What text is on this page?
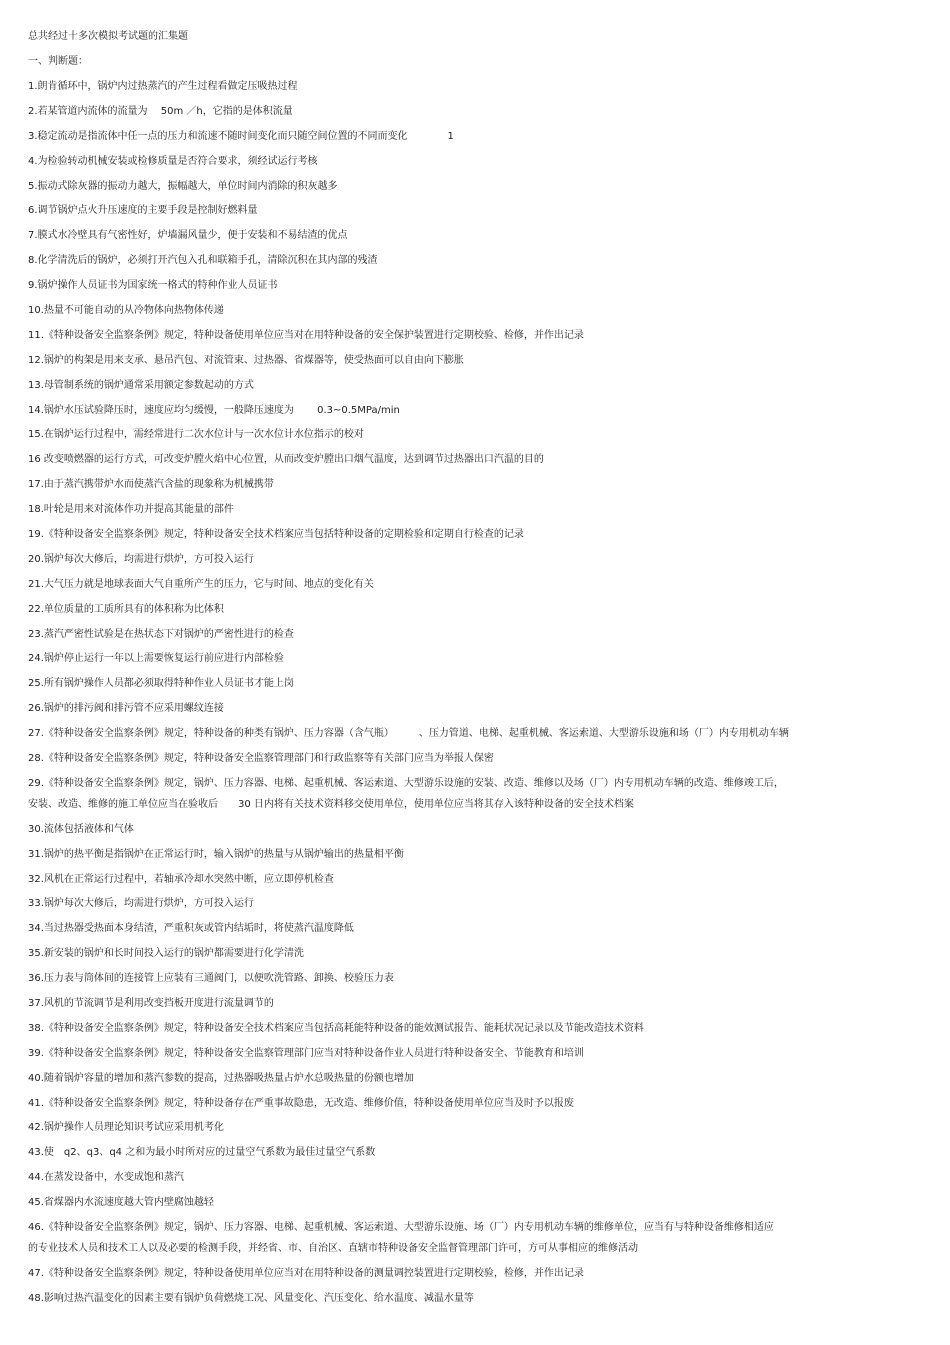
总共经过十多次模拟考试题的汇集题

一、判断题：

1.朗肯循环中，锅炉内过热蒸汽的产生过程看做定压吸热过程

2.若某管道内流体的流量为　 50m ／h，它指的是体积流量

3.稳定流动是指流体中任一点的压力和流速不随时间变化而只随空间位置的不同而变化　　　　1

4.为检验转动机械安装或检修质量是否符合要求，须经试运行考核

5.振动式除灰器的振动力越大，振幅越大，单位时间内消除的积灰越多

6.调节锅炉点火升压速度的主要手段是控制好燃料量

7.膜式水冷壁具有气密性好，炉墙漏风量少，便于安装和不易结渣的优点

8.化学清洗后的锅炉，必须打开汽包入孔和联箱手孔，清除沉积在其内部的残渣

9.锅炉操作人员证书为国家统一格式的特种作业人员证书

10.热量不可能自动的从冷物体向热物体传递

11.《特种设备安全监察条例》规定，特种设备使用单位应当对在用特种设备的安全保护装置进行定期校验、检修，并作出记录

12.锅炉的构架是用来支承、悬吊汽包、对流管束、过热器、省煤器等，使受热面可以自由向下膨胀

13.母管制系统的锅炉通常采用额定参数起动的方式

14.锅炉水压试验降压时，速度应均匀缓慢，一般降压速度为　　 0.3~0.5MPa/min

15.在锅炉运行过程中，需经常进行二次水位计与一次水位计水位指示的校对

16 改变喷燃器的运行方式，可改变炉膛火焰中心位置，从而改变炉膛出口烟气温度，达到调节过热器出口汽温的目的

17.由于蒸汽携带炉水而使蒸汽含盐的现象称为机械携带

18.叶轮是用来对流体作功并提高其能量的部件

19.《特种设备安全监察条例》规定，特种设备安全技术档案应当包括特种设备的定期检验和定期自行检查的记录

20.锅炉每次大修后，均需进行烘炉，方可投入运行

21.大气压力就是地球表面大气自重所产生的压力，它与时间、地点的变化有关

22.单位质量的工质所具有的体积称为比体积

23.蒸汽严密性试验是在热状态下对锅炉的严密性进行的检查

24.锅炉停止运行一年以上需要恢复运行前应进行内部检验

25.所有锅炉操作人员都必须取得特种作业人员证书才能上岗

26.锅炉的排污阀和排污管不应采用螺纹连接

27.《特种设备安全监察条例》规定，特种设备的种类有锅炉、压力容器（含气瓶）　　　、压力管道、电梯、起重机械、客运索道、大型游乐设施和场（厂）内专用机动车辆

28.《特种设备安全监察条例》规定，特种设备安全监察管理部门和行政监察等有关部门应当为举报人保密

29.《特种设备安全监察条例》规定，锅炉、压力容器、电梯、起重机械、客运索道、大型游乐设施的安装、改造、维修以及场（厂）内专用机动车辆的改造、维修竣工后，

安装、改造、维修的施工单位应当在验收后　　30 日内将有关技术资料移交使用单位，使用单位应当将其存入该特种设备的安全技术档案

30.流体包括液体和气体

31.锅炉的热平衡是指锅炉在正常运行时，输入锅炉的热量与从锅炉输出的热量相平衡

32.风机在正常运行过程中，若轴承冷却水突然中断，应立即停机检查

33.锅炉每次大修后，均需进行烘炉，方可投入运行

34.当过热器受热面本身结渣，严重积灰或管内结垢时，将使蒸汽温度降低

35.新安装的锅炉和长时间投入运行的锅炉都需要进行化学清洗

36.压力表与筒体间的连接管上应装有三通阀门，以便吹洗管路、卸换、校验压力表

37.风机的节流调节是利用改变挡板开度进行流量调节的

38.《特种设备安全监察条例》规定，特种设备安全技术档案应当包括高耗能特种设备的能效测试报告、能耗状况记录以及节能改造技术资料

39.《特种设备安全监察条例》规定，特种设备安全监察管理部门应当对特种设备作业人员进行特种设备安全、节能教育和培训

40.随着锅炉容量的增加和蒸汽参数的提高，过热器吸热量占炉水总吸热量的份额也增加

41.《特种设备安全监察条例》规定，特种设备存在严重事故隐患，无改造、维修价值，特种设备使用单位应当及时予以报废

42.锅炉操作人员理论知识考试应采用机考化

43.使　q2、q3、q4 之和为最小时所对应的过量空气系数为最佳过量空气系数

44.在蒸发设备中，水变成饱和蒸汽

45.省煤器内水流速度越大管内壁腐蚀越轻

46.《特种设备安全监察条例》规定，锅炉、压力容器、电梯、起重机械、客运索道、大型游乐设施、场（厂）内专用机动车辆的维修单位，应当有与特种设备维修相适应

的专业技术人员和技术工人以及必要的检测手段，并经省、市、自治区、直辖市特种设备安全监督管理部门许可，方可从事相应的维修活动

47.《特种设备安全监察条例》规定，特种设备使用单位应当对在用特种设备的测量调控装置进行定期校验，检修，并作出记录

48.影响过热汽温变化的因素主要有锅炉负荷燃烧工况、风量变化、汽压变化、给水温度、减温水量等
